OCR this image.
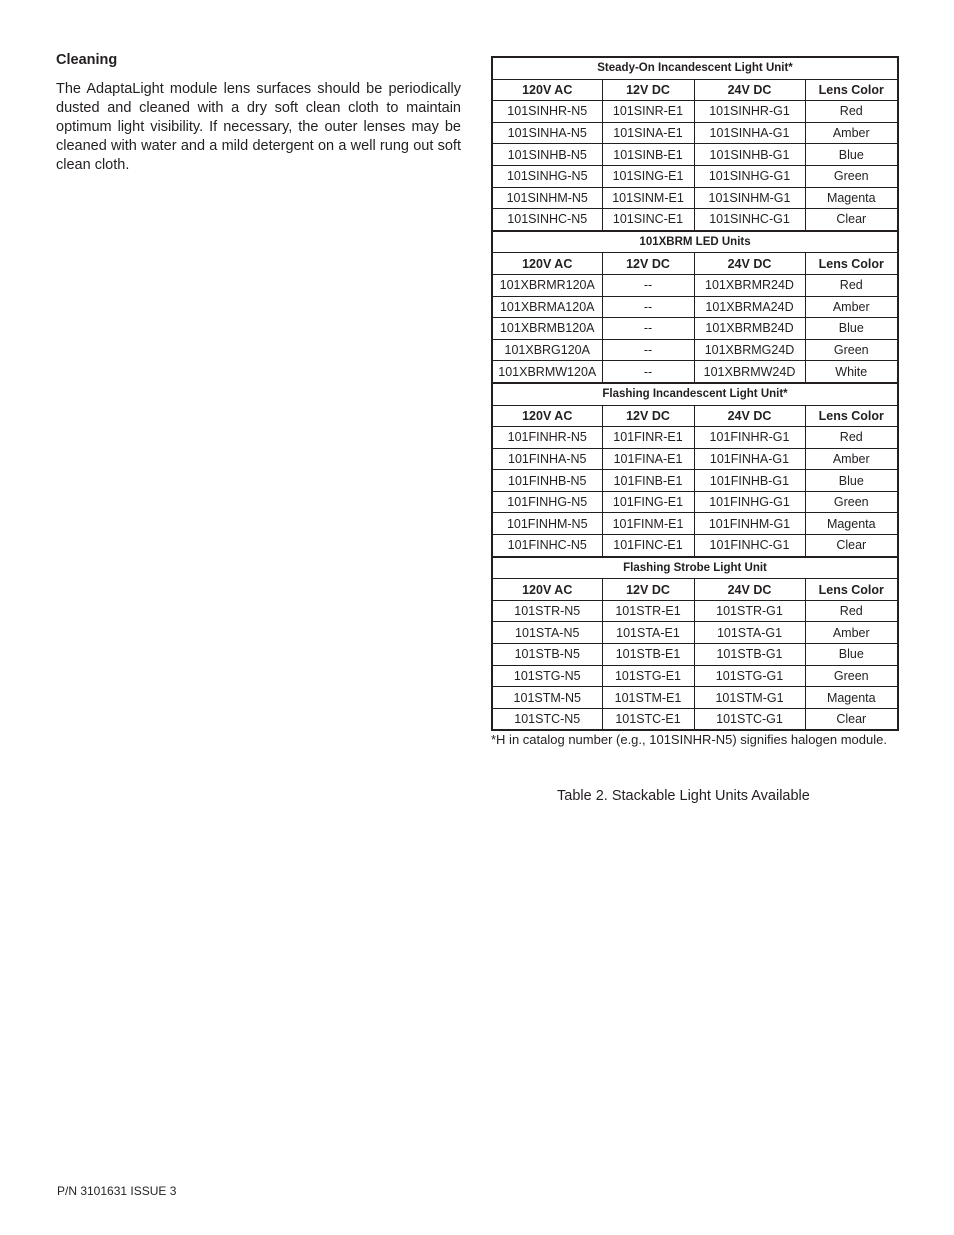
Cleaning

The AdaptaLight module lens surfaces should be periodically dusted and cleaned with a dry soft clean cloth to maintain optimum light visibility. If necessary, the outer lenses may be cleaned with water and a mild detergent on a well rung out soft clean cloth.

Steady-On Incandescent Light Unit*			
120V AC	12V DC	24V DC	Lens Color
101SINHR-N5	101SINR-E1	101SINHR-G1	Red
101SINHA-N5	101SINA-E1	101SINHA-G1	Amber
101SINHB-N5	101SINB-E1	101SINHB-G1	Blue
101SINHG-N5	101SING-E1	101SINHG-G1	Green
101SINHM-N5	101SINM-E1	101SINHM-G1	Magenta
101SINHC-N5	101SINC-E1	101SINHC-G1	Clear
101XBRM LED Units			
120V AC	12V DC	24V DC	Lens Color
101XBRMR120A	--	101XBRMR24D	Red
101XBRMA120A	--	101XBRMA24D	Amber
101XBRMB120A	--	101XBRMB24D	Blue
101XBRG120A	--	101XBRMG24D	Green
101XBRMW120A	--	101XBRMW24D	White
Flashing Incandescent Light Unit*			
120V AC	12V DC	24V DC	Lens Color
101FINHR-N5	101FINR-E1	101FINHR-G1	Red
101FINHA-N5	101FINA-E1	101FINHA-G1	Amber
101FINHB-N5	101FINB-E1	101FINHB-G1	Blue
101FINHG-N5	101FING-E1	101FINHG-G1	Green
101FINHM-N5	101FINM-E1	101FINHM-G1	Magenta
101FINHC-N5	101FINC-E1	101FINHC-G1	Clear
Flashing Strobe Light Unit			
120V AC	12V DC	24V DC	Lens Color
101STR-N5	101STR-E1	101STR-G1	Red
101STA-N5	101STA-E1	101STA-G1	Amber
101STB-N5	101STB-E1	101STB-G1	Blue
101STG-N5	101STG-E1	101STG-G1	Green
101STM-N5	101STM-E1	101STM-G1	Magenta
101STC-N5	101STC-E1	101STC-G1	Clear

*H in catalog number (e.g., 101SINHR-N5) signifies halogen module.

Table 2. Stackable Light Units Available

P/N 3101631 ISSUE 3
